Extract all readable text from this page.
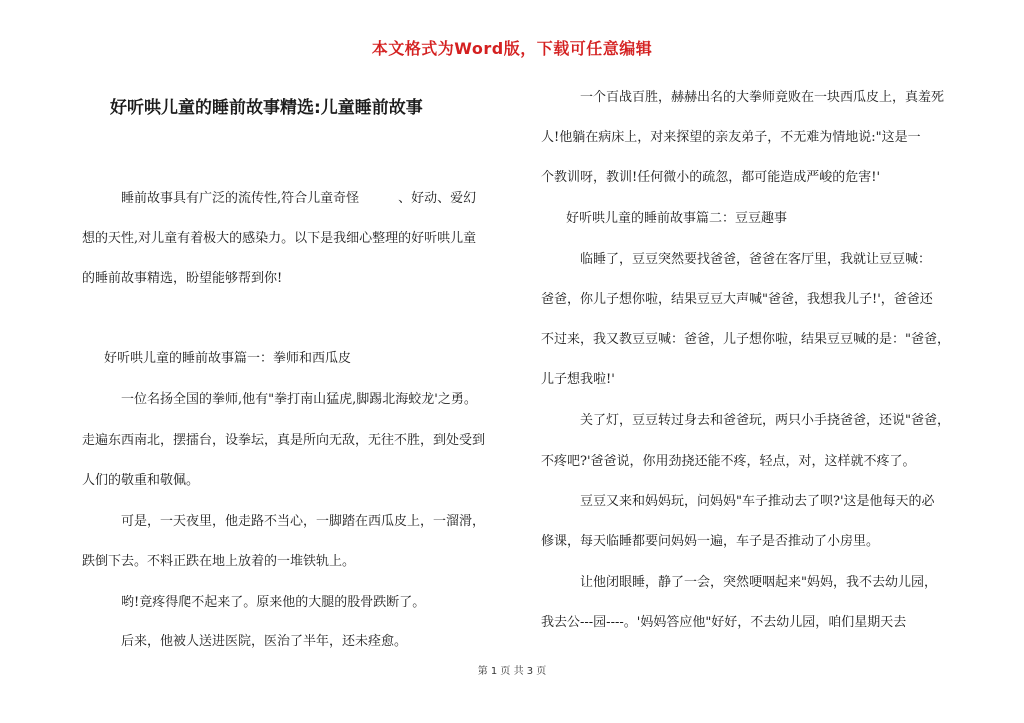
本文格式为Word版，下载可任意编辑
好听哄儿童的睡前故事精选:儿童睡前故事
睡前故事具有广泛的流传性,符合儿童奇怪　　　、好动、爱幻
想的天性,对儿童有着极大的感染力。以下是我细心整理的好听哄儿童
的睡前故事精选，盼望能够帮到你!
好听哄儿童的睡前故事篇一：拳师和西瓜皮
一位名扬全国的拳师,他有"拳打南山猛虎,脚踢北海蛟龙'之勇。
走遍东西南北，摆擂台，设拳坛，真是所向无敌，无往不胜，到处受到
人们的敬重和敬佩。
可是，一天夜里，他走路不当心，一脚踏在西瓜皮上，一溜滑，
跌倒下去。不料正跌在地上放着的一堆铁轨上。
哟!竟疼得爬不起来了。原来他的大腿的股骨跌断了。
后来，他被人送进医院，医治了半年，还未痊愈。
一个百战百胜，赫赫出名的大拳师竟败在一块西瓜皮上，真羞死
人!他躺在病床上，对来探望的亲友弟子，不无难为情地说:"这是一
个教训呀，教训!任何微小的疏忽，都可能造成严峻的危害!'
好听哄儿童的睡前故事篇二：豆豆趣事
临睡了，豆豆突然要找爸爸，爸爸在客厅里，我就让豆豆喊：
爸爸，你儿子想你啦，结果豆豆大声喊"爸爸，我想我儿子!'，爸爸还
不过来，我又教豆豆喊：爸爸，儿子想你啦，结果豆豆喊的是："爸爸，
儿子想我啦!'
关了灯，豆豆转过身去和爸爸玩，两只小手挠爸爸，还说"爸爸，
不疼吧?'爸爸说，你用劲挠还能不疼，轻点，对，这样就不疼了。
豆豆又来和妈妈玩，问妈妈"车子推动去了呗?'这是他每天的必
修课，每天临睡都要问妈妈一遍，车子是否推动了小房里。
让他闭眼睡，静了一会，突然哽咽起来"妈妈，我不去幼儿园，
我去公---园----。'妈妈答应他"好好，不去幼儿园，咱们星期天去
第 1 页 共 3 页
